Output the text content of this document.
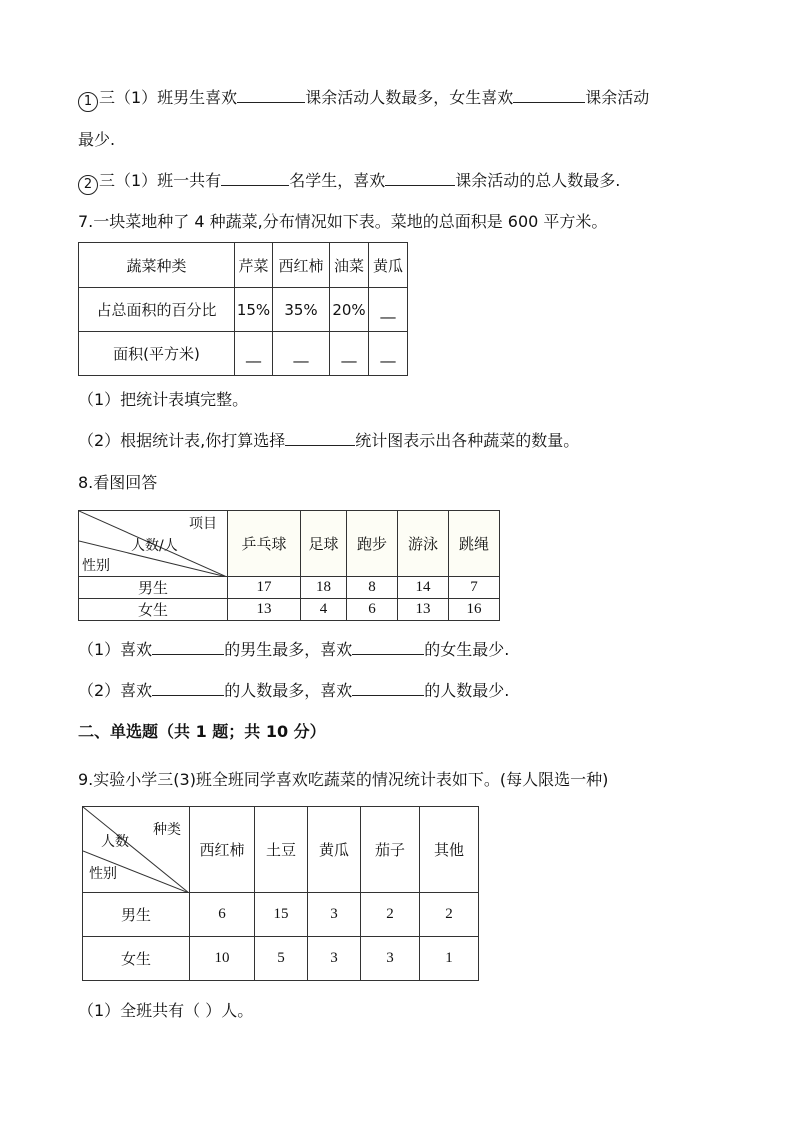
1 三（1）班男生喜欢	课余活动人数最多，女生喜欢	课余活动
最少.
2 三（1）班一共有	名学生，喜欢	课余活动的总人数最多.
7.一块菜地种了 4 种蔬菜,分布情况如下表。菜地的总面积是 600 平方米。
蔬菜种类	芹菜	西红柿	油菜	黄瓜
占总面积的百分比	15%	35%	20%	__
面积(平方米)	__	__	__	__
（1）把统计表填完整。
（2）根据统计表,你打算选择	统计图表示出各种蔬菜的数量。
8.看图回答
项目
人数/人
性别	乒乓球	足球	跑步	游泳	跳绳
男生	17	18	8	14	7
女生	13	4	6	13	16
（1）喜欢	的男生最多，喜欢	的女生最少.
（2）喜欢	的人数最多，喜欢	的人数最少.
二、单选题（共 1 题；共 10 分）
9.实验小学三(3)班全班同学喜欢吃蔬菜的情况统计表如下。(每人限选一种)
种类
人数
性别	西红柿	土豆	黄瓜	茄子	其他
男生	6	15	3	2	2
女生	10	5	3	3	1
（1）全班共有（ ）人。
